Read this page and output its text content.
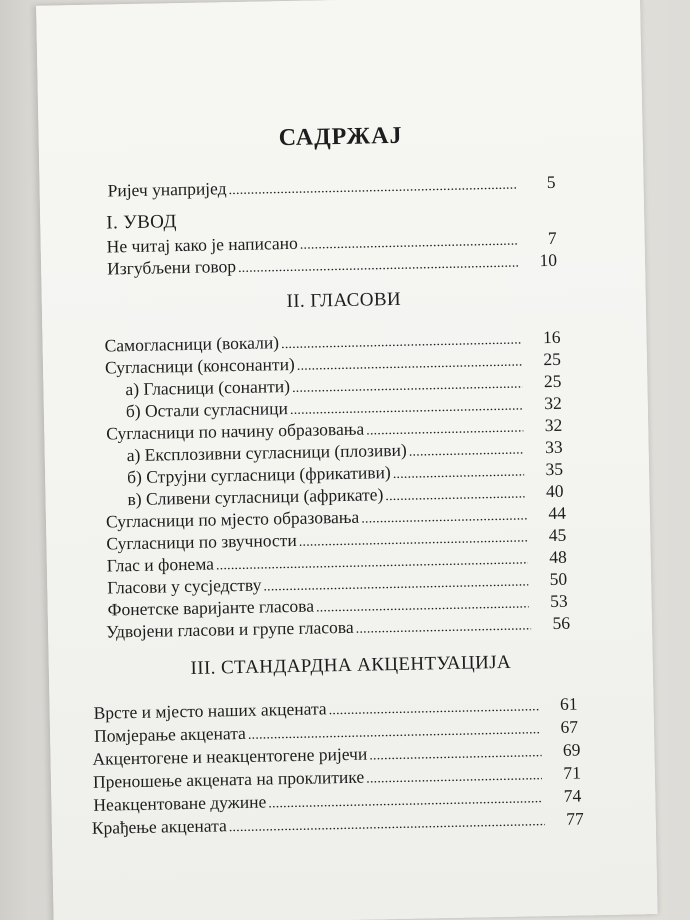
САДРЖАЈ
Ријеч унапријед .....	5
I. УВОД
Не читај како је написано .....	7
Изгубљени говор .....	10
II. ГЛАСОВИ
Самогласници (вокали) .....	16
Сугласници (консонанти) .....	25
а) Гласници (сонанти) .....	25
б) Остали сугласници .....	32
Сугласници по начину образовања .....	32
а) Експлозивни сугласници (плозиви) .....	33
б) Струјни сугласници (фрикативи) .....	35
в) Сливени сугласници (африкате) .....	40
Сугласници по мјесто образовања .....	44
Сугласници по звучности .....	45
Глас и фонема .....	48
Гласови у сусједству .....	50
Фонетске варијанте гласова .....	53
Удвојени гласови и групе гласова .....	56
III. СТАНДАРДНА АКЦЕНТУАЦИЈА
Врсте и мјесто наших акцената .....	61
Помјерање акцената .....	67
Акцентогене и неакцентогене ријечи .....	69
Преношење акцената на проклитике .....	71
Неакцентоване дужине .....	74
Крађење акцената .....	77
